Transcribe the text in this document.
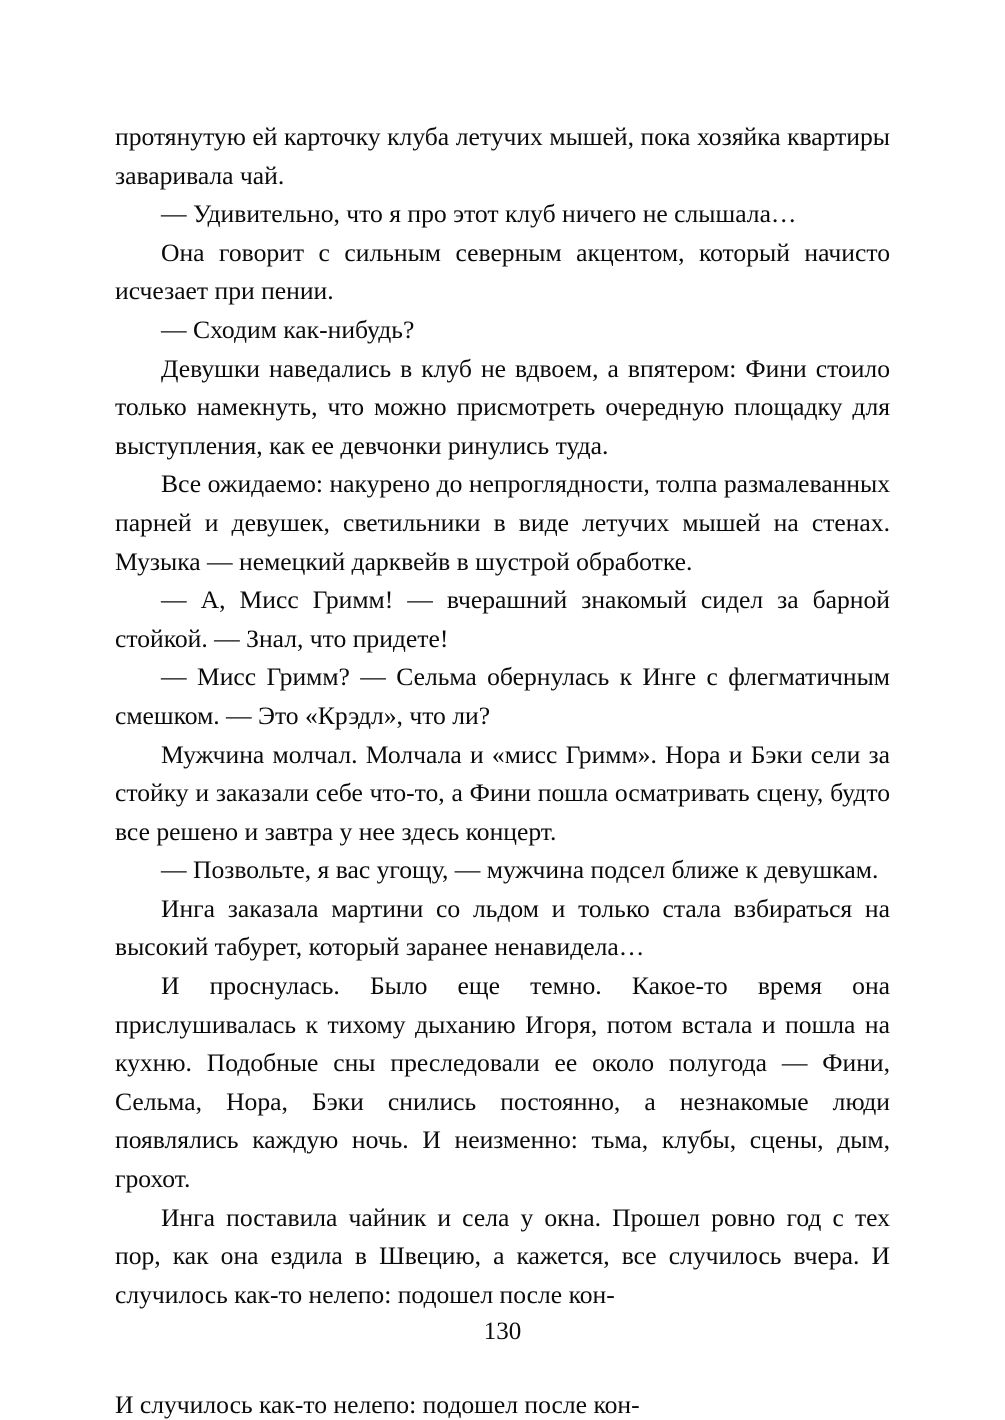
протянутую ей карточку клуба летучих мышей, пока хозяйка квартиры заваривала чай.

— Удивительно, что я про этот клуб ничего не слышала…

Она говорит с сильным северным акцентом, который начисто исчезает при пении.

— Сходим как-нибудь?

Девушки наведались в клуб не вдвоем, а впятером: Фини стоило только намекнуть, что можно присмотреть очередную площадку для выступления, как ее девчонки ринулись туда.

Все ожидаемо: накурено до непроглядности, толпа размалеванных парней и девушек, светильники в виде летучих мышей на стенах. Музыка — немецкий дарквейв в шустрой обработке.

— А, Мисс Гримм! — вчерашний знакомый сидел за барной стойкой. — Знал, что придете!

— Мисс Гримм? — Сельма обернулась к Инге с флегматичным смешком. — Это «Крэдл», что ли?

Мужчина молчал. Молчала и «мисс Гримм». Нора и Бэки сели за стойку и заказали себе что-то, а Фини пошла осматривать сцену, будто все решено и завтра у нее здесь концерт.

— Позвольте, я вас угощу, — мужчина подсел ближе к девушкам.

Инга заказала мартини со льдом и только стала взбираться на высокий табурет, который заранее ненавидела…

И проснулась. Было еще темно. Какое-то время она прислушивалась к тихому дыханию Игоря, потом встала и пошла на кухню. Подобные сны преследовали ее около полугода — Фини, Сельма, Нора, Бэки снились постоянно, а незнакомые люди появлялись каждую ночь. И неизменно: тьма, клубы, сцены, дым, грохот.

Инга поставила чайник и села у окна. Прошел ровно год с тех пор, как она ездила в Швецию, а кажется, все случилось вчера. И случилось как-то нелепо: подошел после кон-

130
И случилось как-то нелепо: подошел после кон-
